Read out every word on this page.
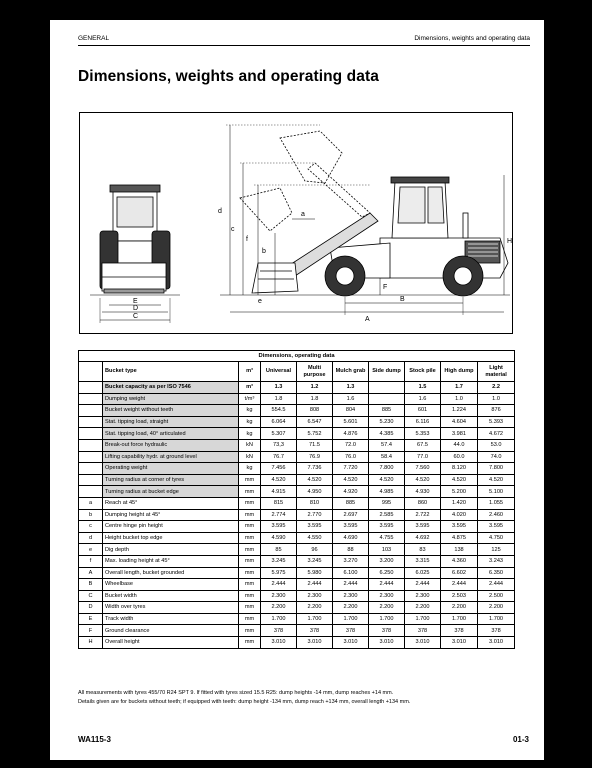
GENERAL	Dimensions, weights and operating data
Dimensions, weights and operating data
E
D
C
d
c
f
b
a
e
F
B
A
H
Dimensions, operating data									
	Bucket type	m³	Universal	Multi purpose	Mulch grab	Side dump	Stock pile	High dump	Light material
	Bucket capacity as per ISO 7546	m³	1.3	1.2	1.3		1.5	1.7	2.2
	Dumping weight	t/m³	1.8	1.8	1.6		1.6	1.0	1.0
	Bucket weight without teeth	kg	554.5	808	804	885	601	1.224	876
	Stat. tipping load, straight	kg	6.064	6.547	5.601	5.230	6.116	4.604	5.393
	Stat. tipping load, 40° articulated	kg	5.307	5.752	4.876	4.385	5.353	3.981	4.672
	Break-out force hydraulic	kN	73,3	71.5	72.0	57.4	67.5	44.0	53.0
	Lifting capability hydr. at ground level	kN	76.7	76.9	76.0	58.4	77.0	60.0	74.0
	Operating weight	kg	7.456	7.736	7.720	7.800	7.560	8.120	7.800
	Turning radius at corner of tyres	mm	4.520	4.520	4.520	4.520	4.520	4.520	4.520
	Turning radius at bucket edge	mm	4.915	4.950	4.920	4.985	4.930	5.200	5.100
a	Reach at 45°	mm	815	810	885	995	860	1.420	1.055
b	Dumping height at 45°	mm	2.774	2.770	2.697	2.585	2.722	4.020	2.460
c	Centre hinge pin height	mm	3.595	3.595	3.595	3.595	3.595	3.595	3.595
d	Height bucket top edge	mm	4.590	4.550	4.690	4.755	4.692	4.875	4.750
e	Dig depth	mm	85	96	88	103	83	138	125
f	Max. loading height at 45°	mm	3.245	3.245	3.270	3.200	3.315	4.360	3.243
A	Overall length, bucket grounded	mm	5.975	5.980	6.100	6.250	6.025	6.602	6.350
B	Wheelbase	mm	2.444	2.444	2.444	2.444	2.444	2.444	2.444
C	Bucket width	mm	2.300	2.300	2.300	2.300	2.300	2.503	2.500
D	Width over tyres	mm	2.200	2.200	2.200	2.200	2.200	2.200	2.200
E	Track width	mm	1.700	1.700	1.700	1.700	1.700	1.700	1.700
F	Ground clearance	mm	378	378	378	378	378	378	378
H	Overall height	mm	3.010	3.010	3.010	3.010	3.010	3.010	3.010
All measurements with tyres 455/70 R24 SPT 9. If fitted with tyres sized 15.5 R25: dump heights -14 mm, dump reaches +14 mm.
Details given are for buckets without teeth; if equipped with teeth: dump height -134 mm, dump reach +134 mm, overall length +134 mm.
WA115-3	01-3
